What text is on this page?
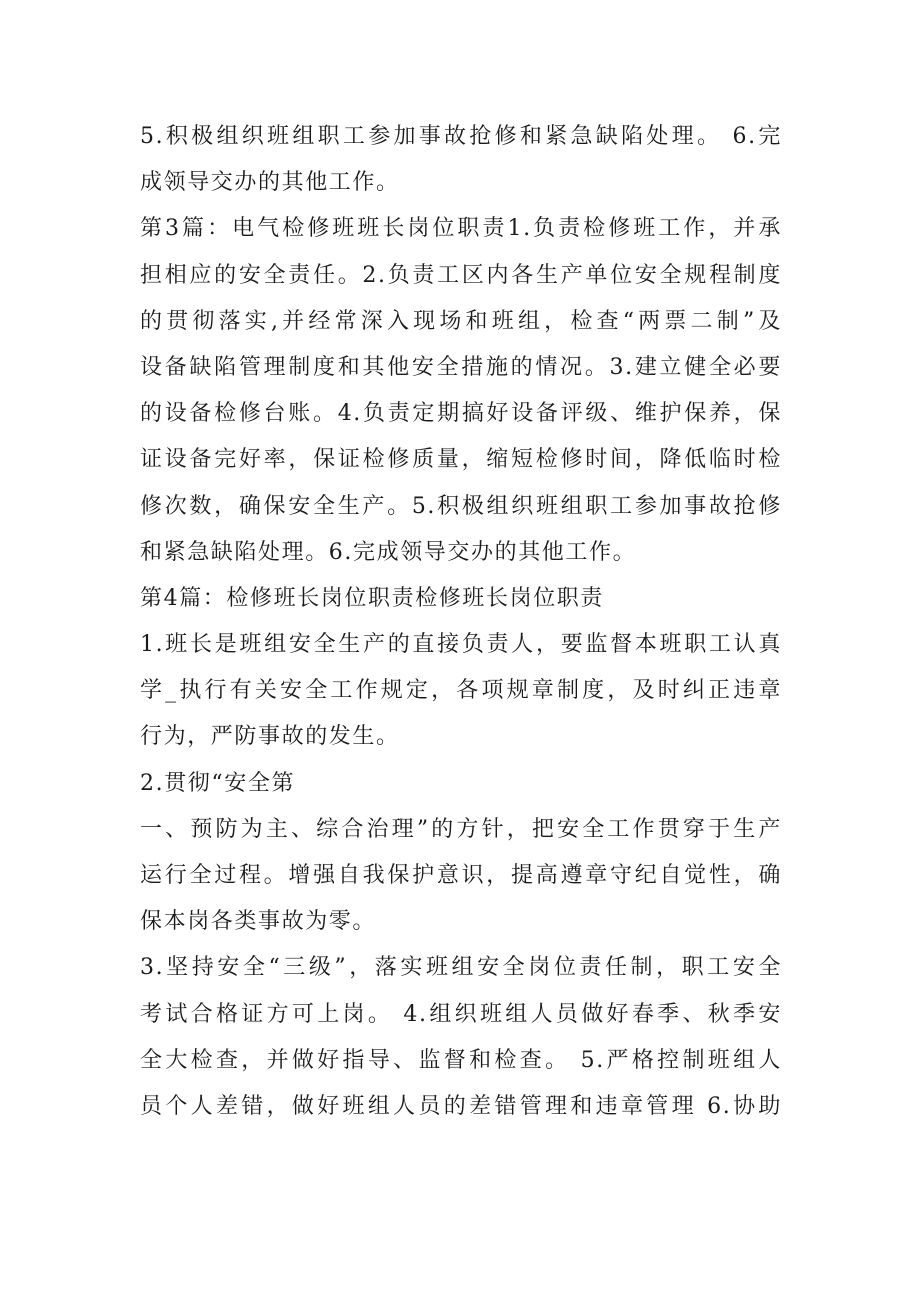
5.积极组织班组职工参加事故抢修和紧急缺陷处理。 6.完
成领导交办的其他工作。
第3篇：电气检修班班长岗位职责1.负责检修班工作，并承
担相应的安全责任。2.负责工区内各生产单位安全规程制度
的贯彻落实,并经常深入现场和班组，检查“两票二制”及
设备缺陷管理制度和其他安全措施的情况。3.建立健全必要
的设备检修台账。4.负责定期搞好设备评级、维护保养，保
证设备完好率，保证检修质量，缩短检修时间，降低临时检
修次数，确保安全生产。5.积极组织班组职工参加事故抢修
和紧急缺陷处理。6.完成领导交办的其他工作。
第4篇：检修班长岗位职责检修班长岗位职责
1.班长是班组安全生产的直接负责人，要监督本班职工认真
学_执行有关安全工作规定，各项规章制度，及时纠正违章
行为，严防事故的发生。
2.贯彻“安全第
一、预防为主、综合治理”的方针，把安全工作贯穿于生产
运行全过程。增强自我保护意识，提高遵章守纪自觉性，确
保本岗各类事故为零。
3.坚持安全“三级”，落实班组安全岗位责任制，职工安全
考试合格证方可上岗。 4.组织班组人员做好春季、秋季安
全大检查，并做好指导、监督和检查。 5.严格控制班组人
员个人差错，做好班组人员的差错管理和违章管理 6.协助
